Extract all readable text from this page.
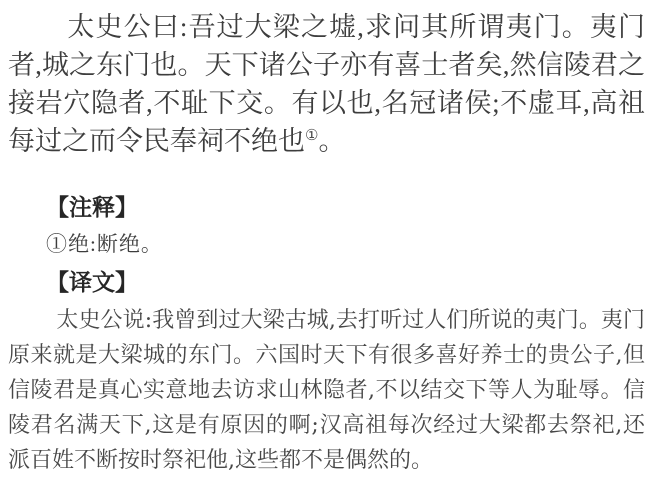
太史公曰:吾过大梁之墟,求问其所谓夷门。夷门者,城之东门也。天下诸公子亦有喜士者矣,然信陵君之接岩穴隐者,不耻下交。有以也,名冠诸侯;不虚耳,高祖每过之而令民奉祠不绝也①。

【注释】

①绝:断绝。

【译文】

太史公说:我曾到过大梁古城,去打听过人们所说的夷门。夷门原来就是大梁城的东门。六国时天下有很多喜好养士的贵公子,但信陵君是真心实意地去访求山林隐者,不以结交下等人为耻辱。信陵君名满天下,这是有原因的啊;汉高祖每次经过大梁都去祭祀,还派百姓不断按时祭祀他,这些都不是偶然的。
